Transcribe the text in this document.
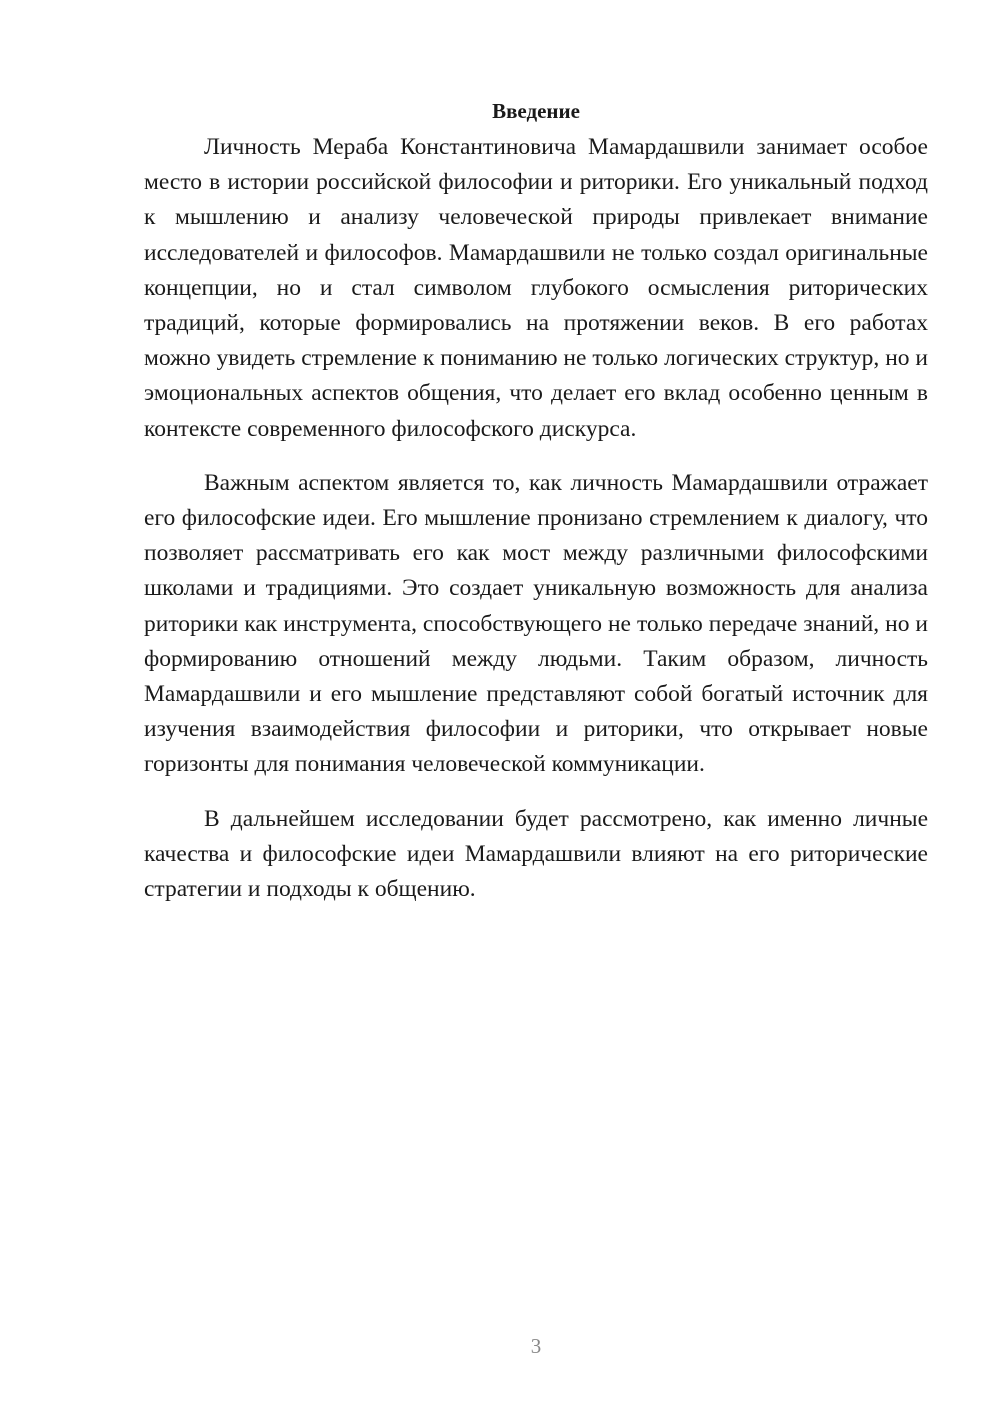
Введение

Личность Мераба Константиновича Мамардашвили занимает особое место в истории российской философии и риторики. Его уникальный подход к мышлению и анализу человеческой природы привлекает внимание исследователей и философов. Мамардашвили не только создал оригинальные концепции, но и стал символом глубокого осмысления риторических традиций, которые формировались на протяжении веков. В его работах можно увидеть стремление к пониманию не только логических структур, но и эмоциональных аспектов общения, что делает его вклад особенно ценным в контексте современного философского дискурса.

Важным аспектом является то, как личность Мамардашвили отражает его философские идеи. Его мышление пронизано стремлением к диалогу, что позволяет рассматривать его как мост между различными философскими школами и традициями. Это создает уникальную возможность для анализа риторики как инструмента, способствующего не только передаче знаний, но и формированию отношений между людьми. Таким образом, личность Мамардашвили и его мышление представляют собой богатый источник для изучения взаимодействия философии и риторики, что открывает новые горизонты для понимания человеческой коммуникации.

В дальнейшем исследовании будет рассмотрено, как именно личные качества и философские идеи Мамардашвили влияют на его риторические стратегии и подходы к общению.

3
